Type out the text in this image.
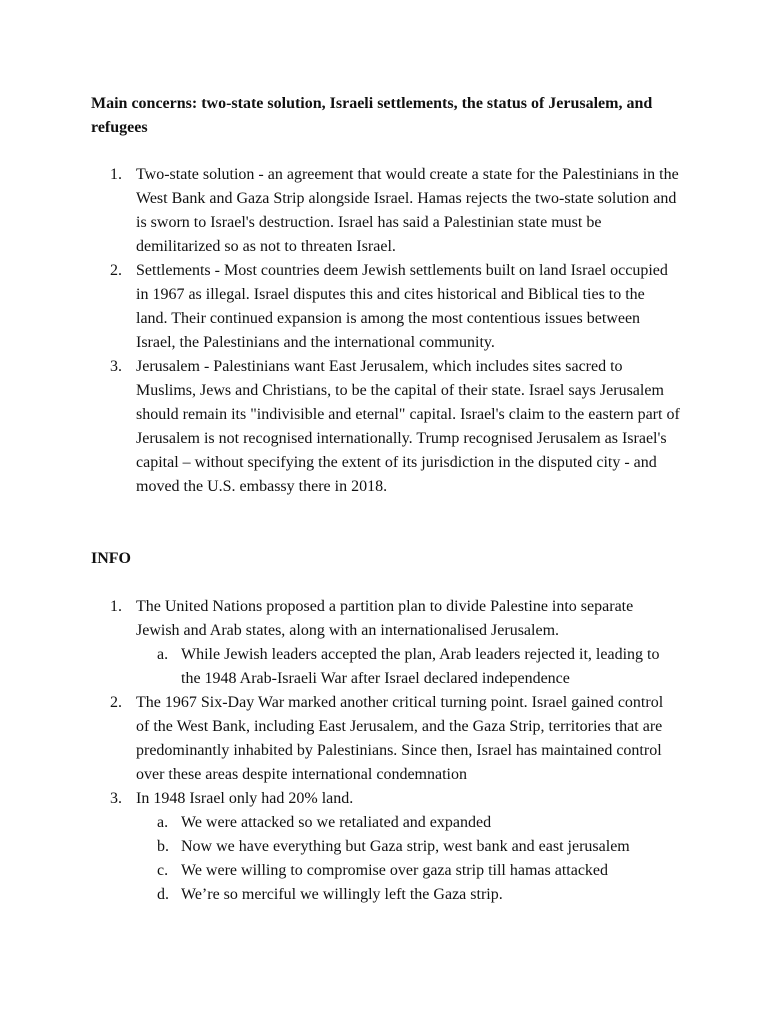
Main concerns: two-state solution, Israeli settlements, the status of Jerusalem, and refugees

1. Two-state solution - an agreement that would create a state for the Palestinians in the West Bank and Gaza Strip alongside Israel. Hamas rejects the two-state solution and is sworn to Israel's destruction. Israel has said a Palestinian state must be demilitarized so as not to threaten Israel.
2. Settlements - Most countries deem Jewish settlements built on land Israel occupied in 1967 as illegal. Israel disputes this and cites historical and Biblical ties to the land. Their continued expansion is among the most contentious issues between Israel, the Palestinians and the international community.
3. Jerusalem - Palestinians want East Jerusalem, which includes sites sacred to Muslims, Jews and Christians, to be the capital of their state. Israel says Jerusalem should remain its "indivisible and eternal" capital. Israel's claim to the eastern part of Jerusalem is not recognised internationally. Trump recognised Jerusalem as Israel's capital – without specifying the extent of its jurisdiction in the disputed city - and moved the U.S. embassy there in 2018.

INFO

1. The United Nations proposed a partition plan to divide Palestine into separate Jewish and Arab states, along with an internationalised Jerusalem.
a. While Jewish leaders accepted the plan, Arab leaders rejected it, leading to the 1948 Arab-Israeli War after Israel declared independence
2. The 1967 Six-Day War marked another critical turning point. Israel gained control of the West Bank, including East Jerusalem, and the Gaza Strip, territories that are predominantly inhabited by Palestinians. Since then, Israel has maintained control over these areas despite international condemnation
3. In 1948 Israel only had 20% land.
a. We were attacked so we retaliated and expanded
b. Now we have everything but Gaza strip, west bank and east jerusalem
c. We were willing to compromise over gaza strip till hamas attacked
d. We’re so merciful we willingly left the Gaza strip.
